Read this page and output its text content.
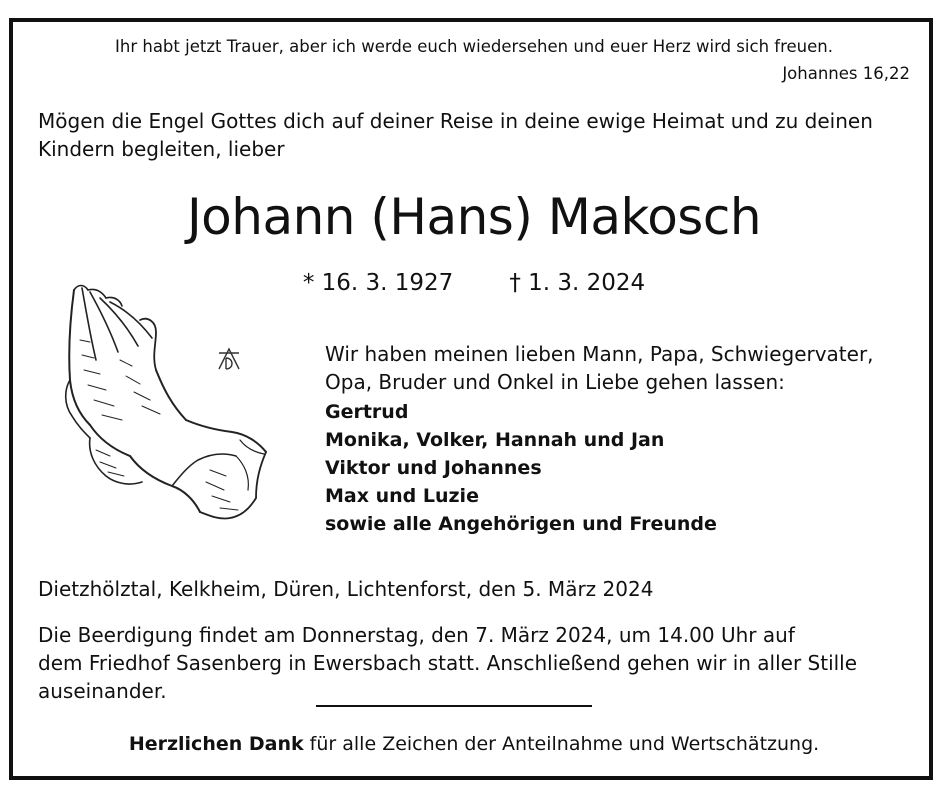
Ihr habt jetzt Trauer, aber ich werde euch wiedersehen und euer Herz wird sich freuen.
Johannes 16,22
Mögen die Engel Gottes dich auf deiner Reise in deine ewige Heimat und zu deinen
Kindern begleiten, lieber
Johann (Hans) Makosch
* 16. 3. 1927 † 1. 3. 2024
Wir haben meinen lieben Mann, Papa, Schwiegervater,
Opa, Bruder und Onkel in Liebe gehen lassen:
Gertrud
Monika, Volker, Hannah und Jan
Viktor und Johannes
Max und Luzie
sowie alle Angehörigen und Freunde
Dietzhölztal, Kelkheim, Düren, Lichtenforst, den 5. März 2024
Die Beerdigung findet am Donnerstag, den 7. März 2024, um 14.00 Uhr auf
dem Friedhof Sasenberg in Ewersbach statt. Anschließend gehen wir in aller Stille
auseinander.
Herzlichen Dank für alle Zeichen der Anteilnahme und Wertschätzung.
